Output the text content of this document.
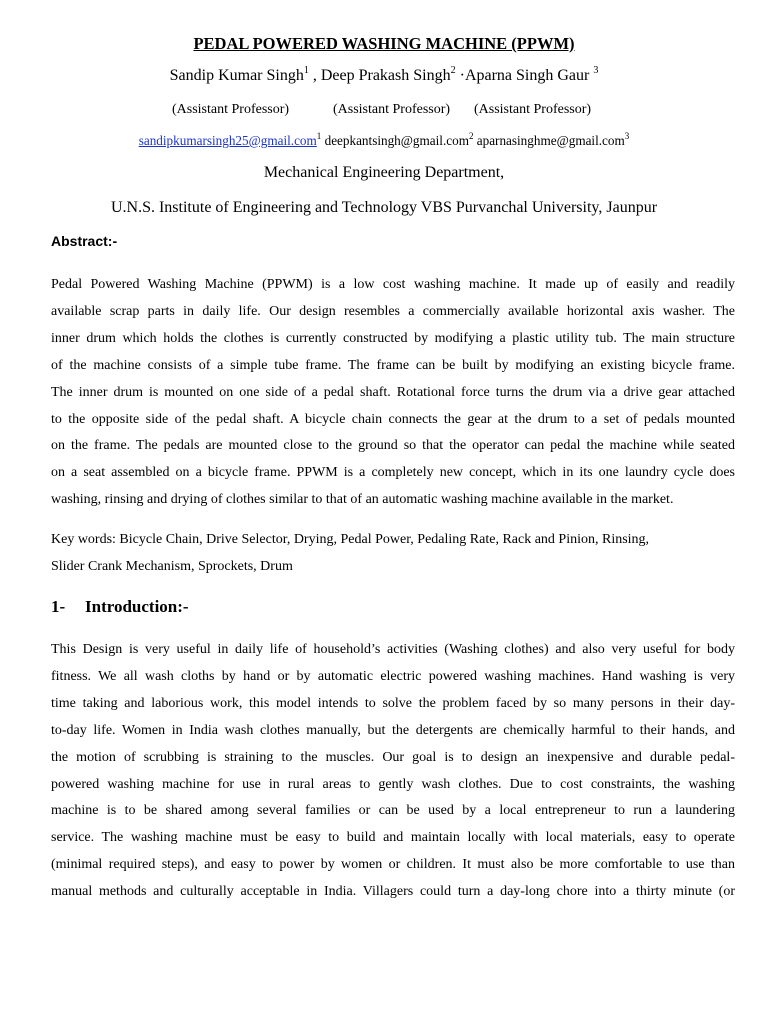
PEDAL POWERED WASHING MACHINE (PPWM)
Sandip Kumar Singh$^1$ , Deep Prakash Singh$^2$ ·Aparna Singh Gaur $^3$
(Assistant Professor)	(Assistant Professor) (Assistant Professor)
sandipkumarsingh25@gmail.com$^1$ deepkantsingh@gmail.com$^2$ aparnasinghme@gmail.com$^3$
Mechanical Engineering Department,
U.N.S. Institute of Engineering and Technology VBS Purvanchal University, Jaunpur
Abstract:-
Pedal Powered Washing Machine (PPWM) is a low cost washing machine. It made up of easily and readily
available scrap parts in daily life. Our design resembles a commercially available horizontal axis washer. The
inner drum which holds the clothes is currently constructed by modifying a plastic utility tub. The main structure
of the machine consists of a simple tube frame. The frame can be built by modifying an existing bicycle frame.
The inner drum is mounted on one side of a pedal shaft. Rotational force turns the drum via a drive gear attached
to the opposite side of the pedal shaft. A bicycle chain connects the gear at the drum to a set of pedals mounted
on the frame. The pedals are mounted close to the ground so that the operator can pedal the machine while seated
on a seat assembled on a bicycle frame. PPWM is a completely new concept, which in its one laundry cycle does
washing, rinsing and drying of clothes similar to that of an automatic washing machine available in the market.
Key words: Bicycle Chain, Drive Selector, Drying, Pedal Power, Pedaling Rate, Rack and Pinion, Rinsing,
Slider Crank Mechanism, Sprockets, Drum
1- Introduction:-
This Design is very useful in daily life of household’s activities (Washing clothes) and also very useful for body
fitness. We all wash cloths by hand or by automatic electric powered washing machines. Hand washing is very
time taking and laborious work, this model intends to solve the problem faced by so many persons in their day-
to-day life. Women in India wash clothes manually, but the detergents are chemically harmful to their hands, and
the motion of scrubbing is straining to the muscles. Our goal is to design an inexpensive and durable pedal-
powered washing machine for use in rural areas to gently wash clothes. Due to cost constraints, the washing
machine is to be shared among several families or can be used by a local entrepreneur to run a laundering
service. The washing machine must be easy to build and maintain locally with local materials, easy to operate
(minimal required steps), and easy to power by women or children. It must also be more comfortable to use than
manual methods and culturally acceptable in India. Villagers could turn a day-long chore into a thirty minute (or
